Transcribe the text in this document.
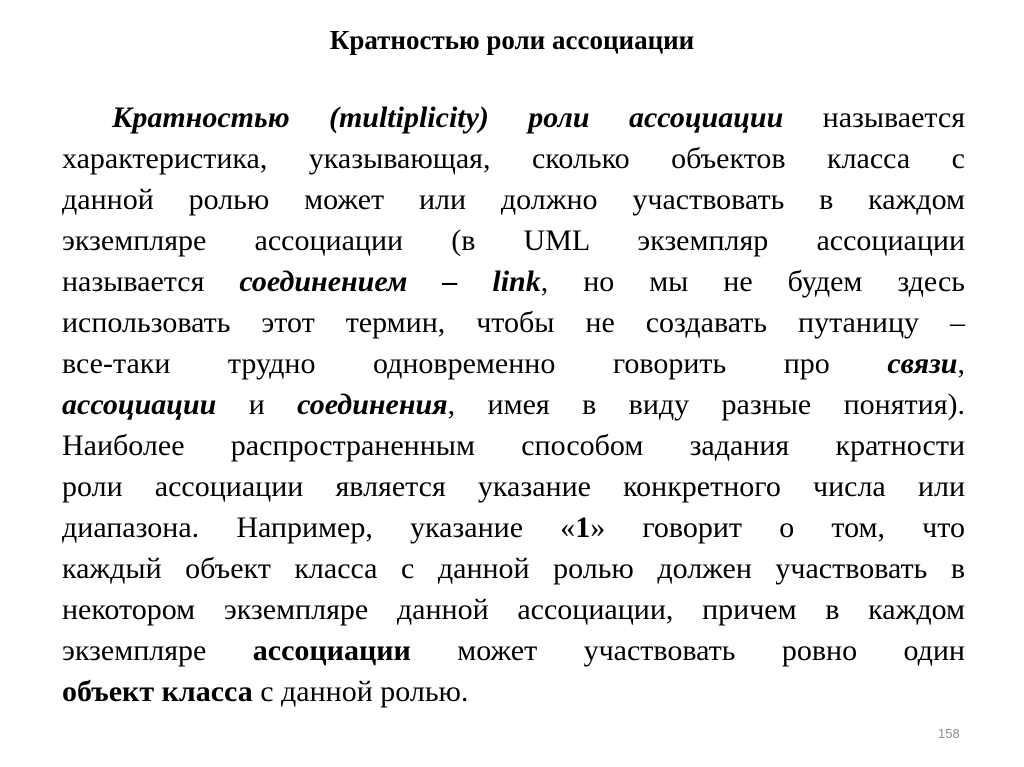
Кратностью роли ассоциации
Кратностью (multiplicity) роли ассоциации называется
характеристика, указывающая, сколько объектов класса с
данной ролью может или должно участвовать в каждом
экземпляре ассоциации (в UML экземпляр ассоциации
называется соединением – link, но мы не будем здесь
использовать этот термин, чтобы не создавать путаницу –
все-таки трудно одновременно говорить про связи,
ассоциации и соединения, имея в виду разные понятия).
Наиболее распространенным способом задания кратности
роли ассоциации является указание конкретного числа или
диапазона. Например, указание «1» говорит о том, что
каждый объект класса с данной ролью должен участвовать в
некотором экземпляре данной ассоциации, причем в каждом
экземпляре ассоциации может участвовать ровно один
объект класса с данной ролью.
158
